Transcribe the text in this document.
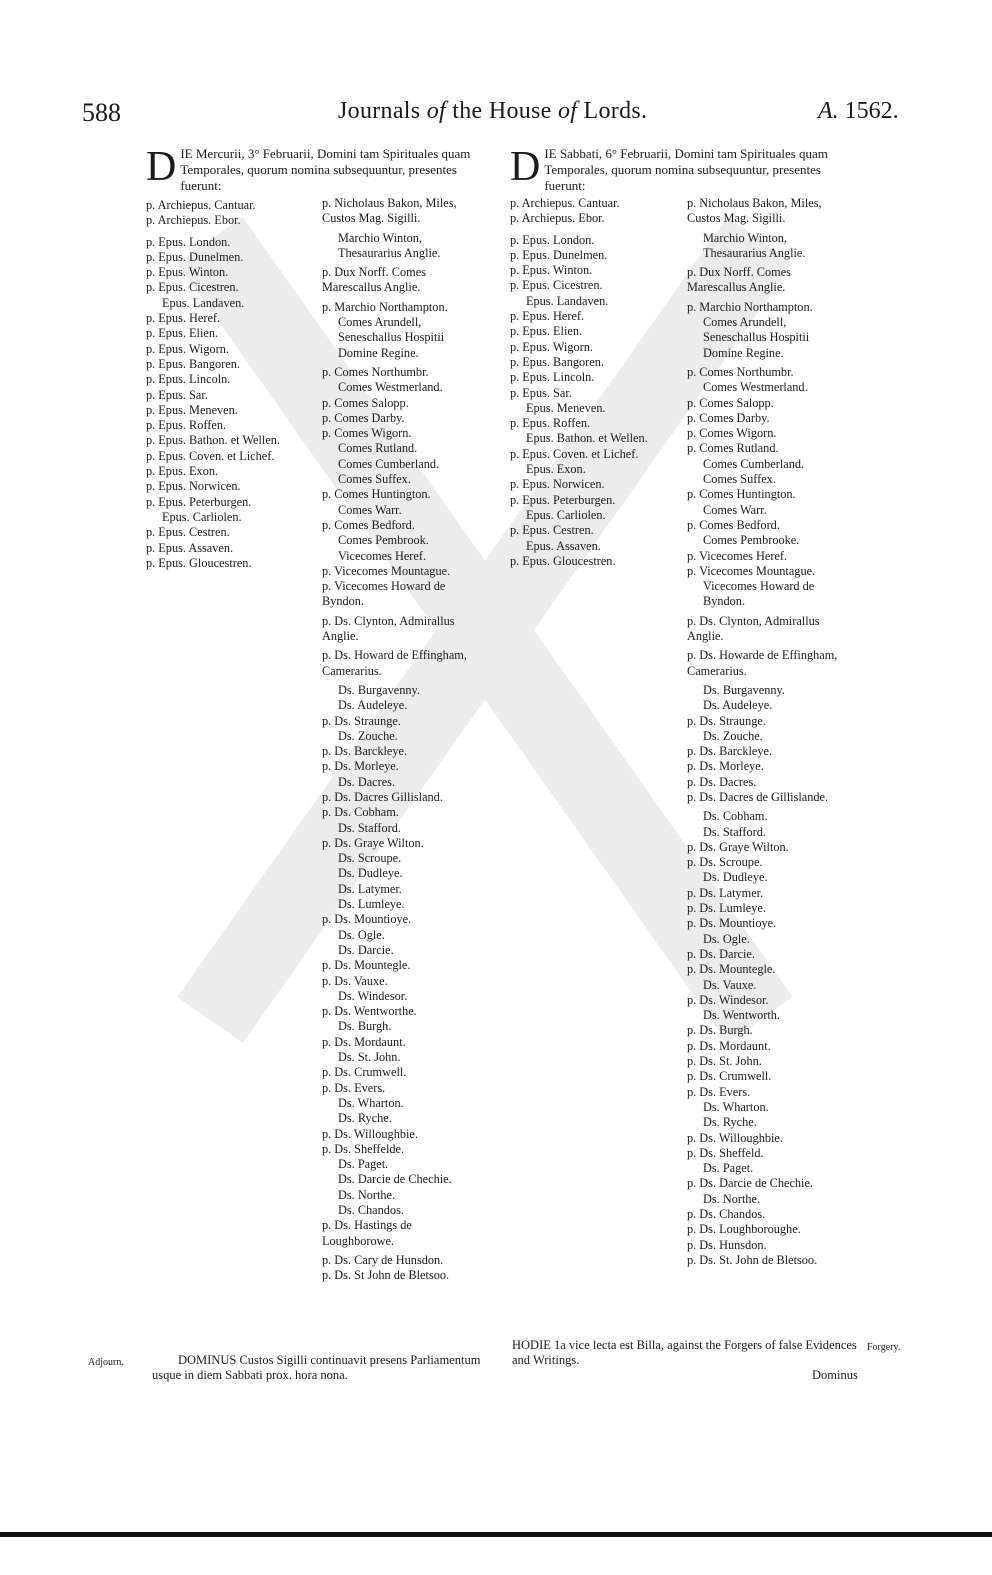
588	Journals of the House of Lords.	A. 1562.
DIE Mercurii, 3° Februarii, Domini tam Spirituales quam Temporales, quorum nomina subsequuntur, presentes fuerunt:	DIE Sabbati, 6° Februarii, Domini tam Spirituales quam Temporales, quorum nomina subsequuntur, presentes fuerunt:
p. Archiepus. Cantuar.
p. Archiepus. Ebor.
p. Epus. London.
p. Epus. Dunelmen.
p. Epus. Winton.
p. Epus. Cicestren.
Epus. Landaven.
p. Epus. Heref.
p. Epus. Elien.
p. Epus. Wigorn.
p. Epus. Bangoren.
p. Epus. Lincoln.
p. Epus. Sar.
p. Epus. Meneven.
p. Epus. Roffen.
p. Epus. Bathon. et Wellen.
p. Epus. Coven. et Lichef.
p. Epus. Exon.
p. Epus. Norwicen.
p. Epus. Peterburgen.
Epus. Carliolen.
p. Epus. Cestren.
p. Epus. Assaven.
p. Epus. Gloucestren.
p. Nicholaus Bakon, Miles, Custos Mag. Sigilli.
Marchio Winton, Thesaurarius Anglie.
p. Dux Norff. Comes Marescallus Anglie.
p. Marchio Northampton.
Comes Arundell, Seneschallus Hospitii Domine Regine.
p. Comes Northumbr.
Comes Westmerland.
p. Comes Salopp.
p. Comes Darby.
p. Comes Wigorn.
Comes Rutland.
Comes Cumberland.
Comes Suffex.
p. Comes Huntington.
Comes Warr.
p. Comes Bedford.
Comes Pembrook.
Vicecomes Heref.
p. Vicecomes Mountague.
p. Vicecomes Howard de Byndon.
p. Ds. Clynton, Admirallus Anglie.
p. Ds. Howard de Effingham, Camerarius.
Ds. Burgavenny.
Ds. Audeleye.
p. Ds. Straunge.
Ds. Zouche.
p. Ds. Barckleye.
p. Ds. Morleye.
Ds. Dacres.
p. Ds. Dacres Gillisland.
p. Ds. Cobham.
Ds. Stafford.
p. Ds. Graye Wilton.
Ds. Scroupe.
Ds. Dudleye.
Ds. Latymer.
Ds. Lumleye.
p. Ds. Mountioye.
Ds. Ogle.
Ds. Darcie.
p. Ds. Mountegle.
p. Ds. Vauxe.
Ds. Windesor.
p. Ds. Wentworthe.
Ds. Burgh.
p. Ds. Mordaunt.
Ds. St. John.
p. Ds. Crumwell.
p. Ds. Evers.
Ds. Wharton.
Ds. Ryche.
p. Ds. Willoughbie.
p. Ds. Sheffelde.
Ds. Paget.
Ds. Darcie de Chechie.
Ds. Northe.
Ds. Chandos.
p. Ds. Hastings de Loughborowe.
p. Ds. Cary de Hunsdon.
p. Ds. St John de Bletsoo.
p. Archiepus. Cantuar.
p. Archiepus. Ebor.
p. Epus. London.
p. Epus. Dunelmen.
p. Epus. Winton.
p. Epus. Cicestren.
Epus. Landaven.
p. Epus. Heref.
p. Epus. Elien.
p. Epus. Wigorn.
p. Epus. Bangoren.
p. Epus. Lincoln.
p. Epus. Sar.
Epus. Meneven.
p. Epus. Roffen.
Epus. Bathon. et Wellen.
p. Epus. Coven. et Lichef.
Epus. Exon.
p. Epus. Norwicen.
p. Epus. Peterburgen.
Epus. Carliolen.
p. Epus. Cestren.
Epus. Assaven.
p. Epus. Gloucestren.
p. Nicholaus Bakon, Miles, Custos Mag. Sigilli.
Marchio Winton, Thesaurarius Anglie.
p. Dux Norff. Comes Marescallus Anglie.
p. Marchio Northampton.
Comes Arundell, Seneschallus Hospitii Domine Regine.
p. Comes Northumbr.
Comes Westmerland.
p. Comes Salopp.
p. Comes Darby.
p. Comes Wigorn.
p. Comes Rutland.
Comes Cumberland.
Comes Suffex.
p. Comes Huntington.
Comes Warr.
p. Comes Bedford.
Comes Pembrooke.
p. Vicecomes Heref.
p. Vicecomes Mountague.
Vicecomes Howard de Byndon.
p. Ds. Clynton, Admirallus Anglie.
p. Ds. Howarde de Effingham, Camerarius.
Ds. Burgavenny.
Ds. Audeleye.
p. Ds. Straunge.
Ds. Zouche.
p. Ds. Barckleye.
p. Ds. Morleye.
p. Ds. Dacres.
p. Ds. Dacres de Gillislande.
Ds. Cobham.
Ds. Stafford.
p. Ds. Graye Wilton.
p. Ds. Scroupe.
Ds. Dudleye.
p. Ds. Latymer.
p. Ds. Lumleye.
p. Ds. Mountioye.
Ds. Ogle.
p. Ds. Darcie.
p. Ds. Mountegle.
Ds. Vauxe.
p. Ds. Windesor.
Ds. Wentworth.
p. Ds. Burgh.
p. Ds. Mordaunt.
p. Ds. St. John.
p. Ds. Crumwell.
p. Ds. Evers.
Ds. Wharton.
Ds. Ryche.
p. Ds. Willoughbie.
p. Ds. Sheffeld.
Ds. Paget.
p. Ds. Darcie de Chechie.
Ds. Northe.
p. Ds. Chandos.
p. Ds. Loughboroughe.
p. Ds. Hunsdon.
p. Ds. St. John de Bletsoo.
Adjourn.	DOMINUS Custos Sigilli continuavit presens Parliamentum usque in diem Sabbati prox. hora nona.
HODIE 1a vice lecta est Billa, against the Forgers of false Evidences and Writings.
Forgery.
Dominus
